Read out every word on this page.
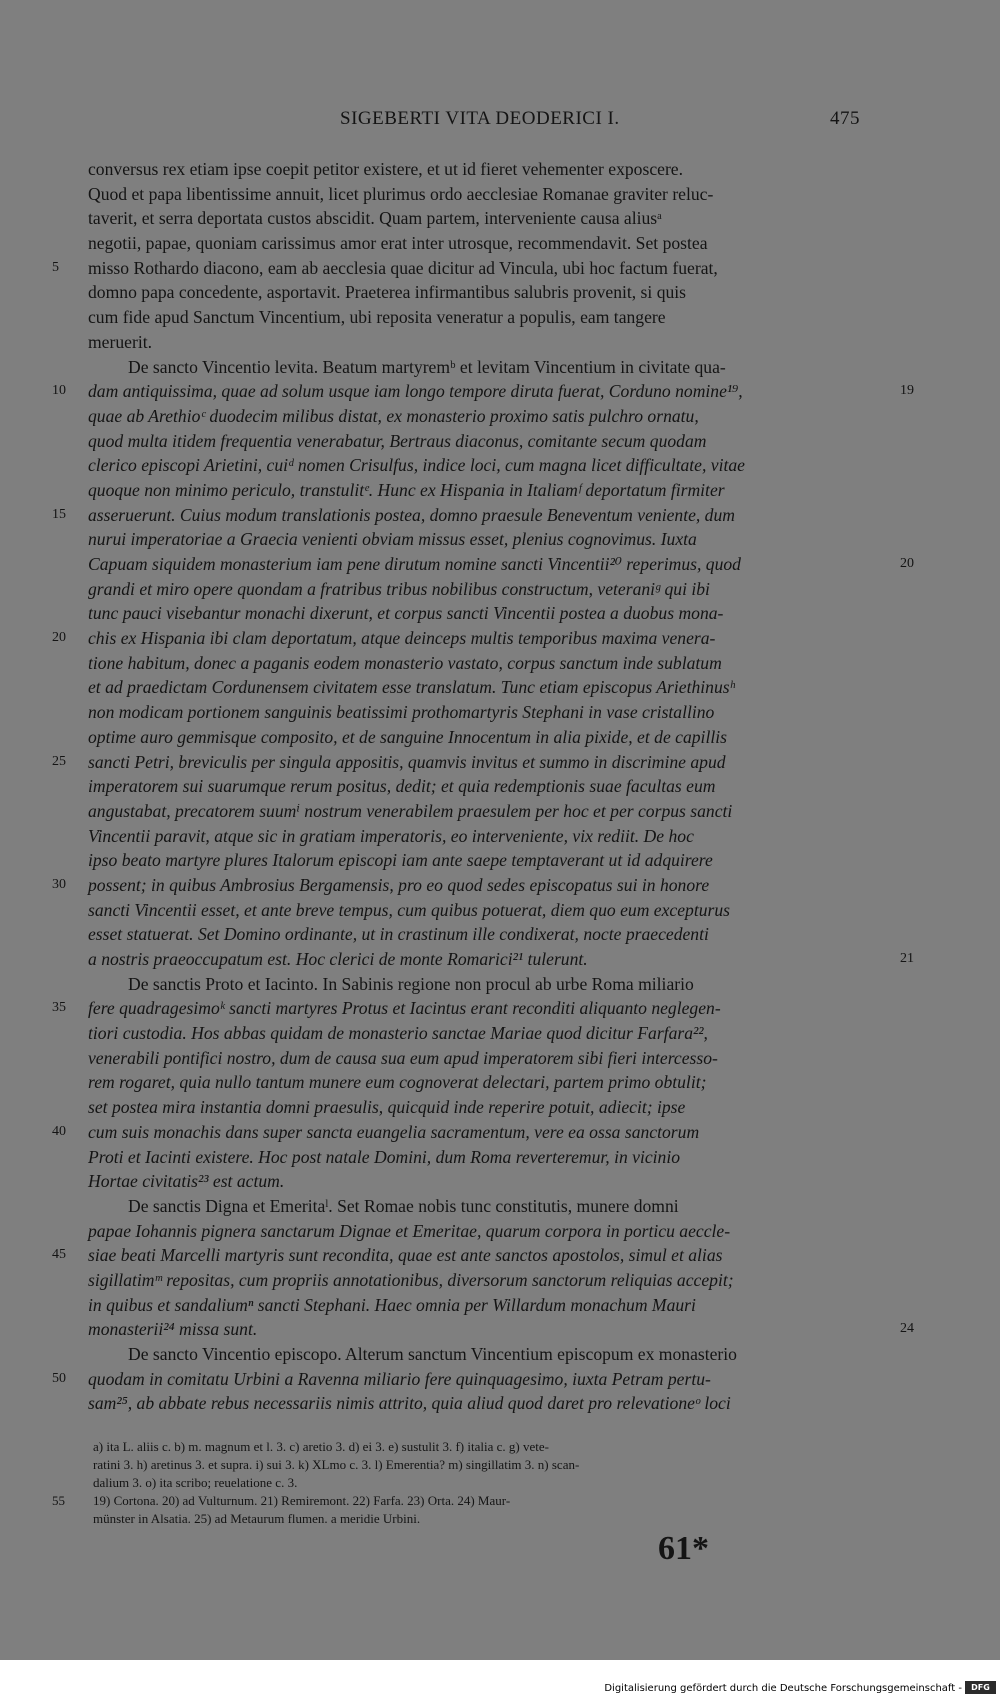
SIGEBERTI VITA DEODERICI I.	475
conversus rex etiam ipse coepit petitor existere, et ut id fieret vehementer exposcere.
Quod et papa libentissime annuit, licet plurimus ordo aecclesiae Romanae graviter reluc-
taverit, et serra deportata custos abscidit. Quam partem, interveniente causa aliusᵃ
negotii, papae, quoniam carissimus amor erat inter utrosque, recommendavit. Set postea
5	misso Rothardo diacono, eam ab aecclesia quae dicitur ad Vincula, ubi hoc factum fuerat,
domno papa concedente, asportavit. Praeterea infirmantibus salubris provenit, si quis
cum fide apud Sanctum Vincentium, ubi reposita veneratur a populis, eam tangere
meruerit.
De sancto Vincentio levita. Beatum martyremᵇ et levitam Vincentium in civitate qua-
10	dam antiquissima, quae ad solum usque iam longo tempore diruta fuerat, Corduno nomine¹⁹,	19
quae ab Arethioᶜ duodecim milibus distat, ex monasterio proximo satis pulchro ornatu,
quod multa itidem frequentia venerabatur, Bertraus diaconus, comitante secum quodam
clerico episcopi Arietini, cuiᵈ nomen Crisulfus, indice loci, cum magna licet difficultate, vitae
quoque non minimo periculo, transtulitᵉ. Hunc ex Hispania in Italiamᶠ deportatum firmiter
15	asseruerunt. Cuius modum translationis postea, domno praesule Beneventum veniente, dum
nurui imperatoriae a Graecia venienti obviam missus esset, plenius cognovimus. Iuxta
Capuam siquidem monasterium iam pene dirutum nomine sancti Vincentii²⁰ reperimus, quod	20
grandi et miro opere quondam a fratribus tribus nobilibus constructum, veteraniᵍ qui ibi
tunc pauci visebantur monachi dixerunt, et corpus sancti Vincentii postea a duobus mona-
20	chis ex Hispania ibi clam deportatum, atque deinceps multis temporibus maxima venera-
tione habitum, donec a paganis eodem monasterio vastato, corpus sanctum inde sublatum
et ad praedictam Cordunensem civitatem esse translatum. Tunc etiam episcopus Ariethinusʰ
non modicam portionem sanguinis beatissimi prothomartyris Stephani in vase cristallino
optime auro gemmisque composito, et de sanguine Innocentum in alia pixide, et de capillis
25	sancti Petri, breviculis per singula appositis, quamvis invitus et summo in discrimine apud
imperatorem sui suarumque rerum positus, dedit; et quia redemptionis suae facultas eum
angustabat, precatorem suumⁱ nostrum venerabilem praesulem per hoc et per corpus sancti
Vincentii paravit, atque sic in gratiam imperatoris, eo interveniente, vix rediit. De hoc
ipso beato martyre plures Italorum episcopi iam ante saepe temptaverant ut id adquirere
30	possent; in quibus Ambrosius Bergamensis, pro eo quod sedes episcopatus sui in honore
sancti Vincentii esset, et ante breve tempus, cum quibus potuerat, diem quo eum excepturus
esset statuerat. Set Domino ordinante, ut in crastinum ille condixerat, nocte praecedenti
a nostris praeoccupatum est. Hoc clerici de monte Romarici²¹ tulerunt.	21
De sanctis Proto et Iacinto. In Sabinis regione non procul ab urbe Roma miliario
35	fere quadragesimoᵏ sancti martyres Protus et Iacintus erant reconditi aliquanto neglegen-
tiori custodia. Hos abbas quidam de monasterio sanctae Mariae quod dicitur Farfara²²,
venerabili pontifici nostro, dum de causa sua eum apud imperatorem sibi fieri intercesso-
rem rogaret, quia nullo tantum munere eum cognoverat delectari, partem primo obtulit;
set postea mira instantia domni praesulis, quicquid inde reperire potuit, adiecit; ipse
40	cum suis monachis dans super sancta euangelia sacramentum, vere ea ossa sanctorum
Proti et Iacinti existere. Hoc post natale Domini, dum Roma reverteremur, in vicinio
Hortae civitatis²³ est actum.
De sanctis Digna et Emeritaˡ. Set Romae nobis tunc constitutis, munere domni
papae Iohannis pignera sanctarum Dignae et Emeritae, quarum corpora in porticu aeccle-
45	siae beati Marcelli martyris sunt recondita, quae est ante sanctos apostolos, simul et alias
sigillatimᵐ repositas, cum propriis annotationibus, diversorum sanctorum reliquias accepit;
in quibus et sandaliumⁿ sancti Stephani. Haec omnia per Willardum monachum Mauri
monasterii²⁴ missa sunt.	24
De sancto Vincentio episcopo. Alterum sanctum Vincentium episcopum ex monasterio
50	quodam in comitatu Urbini a Ravenna miliario fere quinquagesimo, iuxta Petram pertu-
sam²⁵, ab abbate rebus necessariis nimis attrito, quia aliud quod daret pro relevationeᵒ loci
a) ita L. aliis c. b) m. magnum et l. 3. c) aretio 3. d) ei 3. e) sustulit 3. f) italia c. g) vete-
ratini 3. h) aretinus 3. et supra. i) sui 3. k) XLmo c. 3. l) Emerentia? m) singillatim 3. n) scan-
dalium 3. o) ita scribo; reuelatione c. 3.
55 19) Cortona. 20) ad Vulturnum. 21) Remiremont. 22) Farfa. 23) Orta. 24) Maur-
münster in Alsatia. 25) ad Metaurum flumen. a meridie Urbini.
61*
Digitalisierung gefördert durch die Deutsche Forschungsgemeinschaft -	DFG
